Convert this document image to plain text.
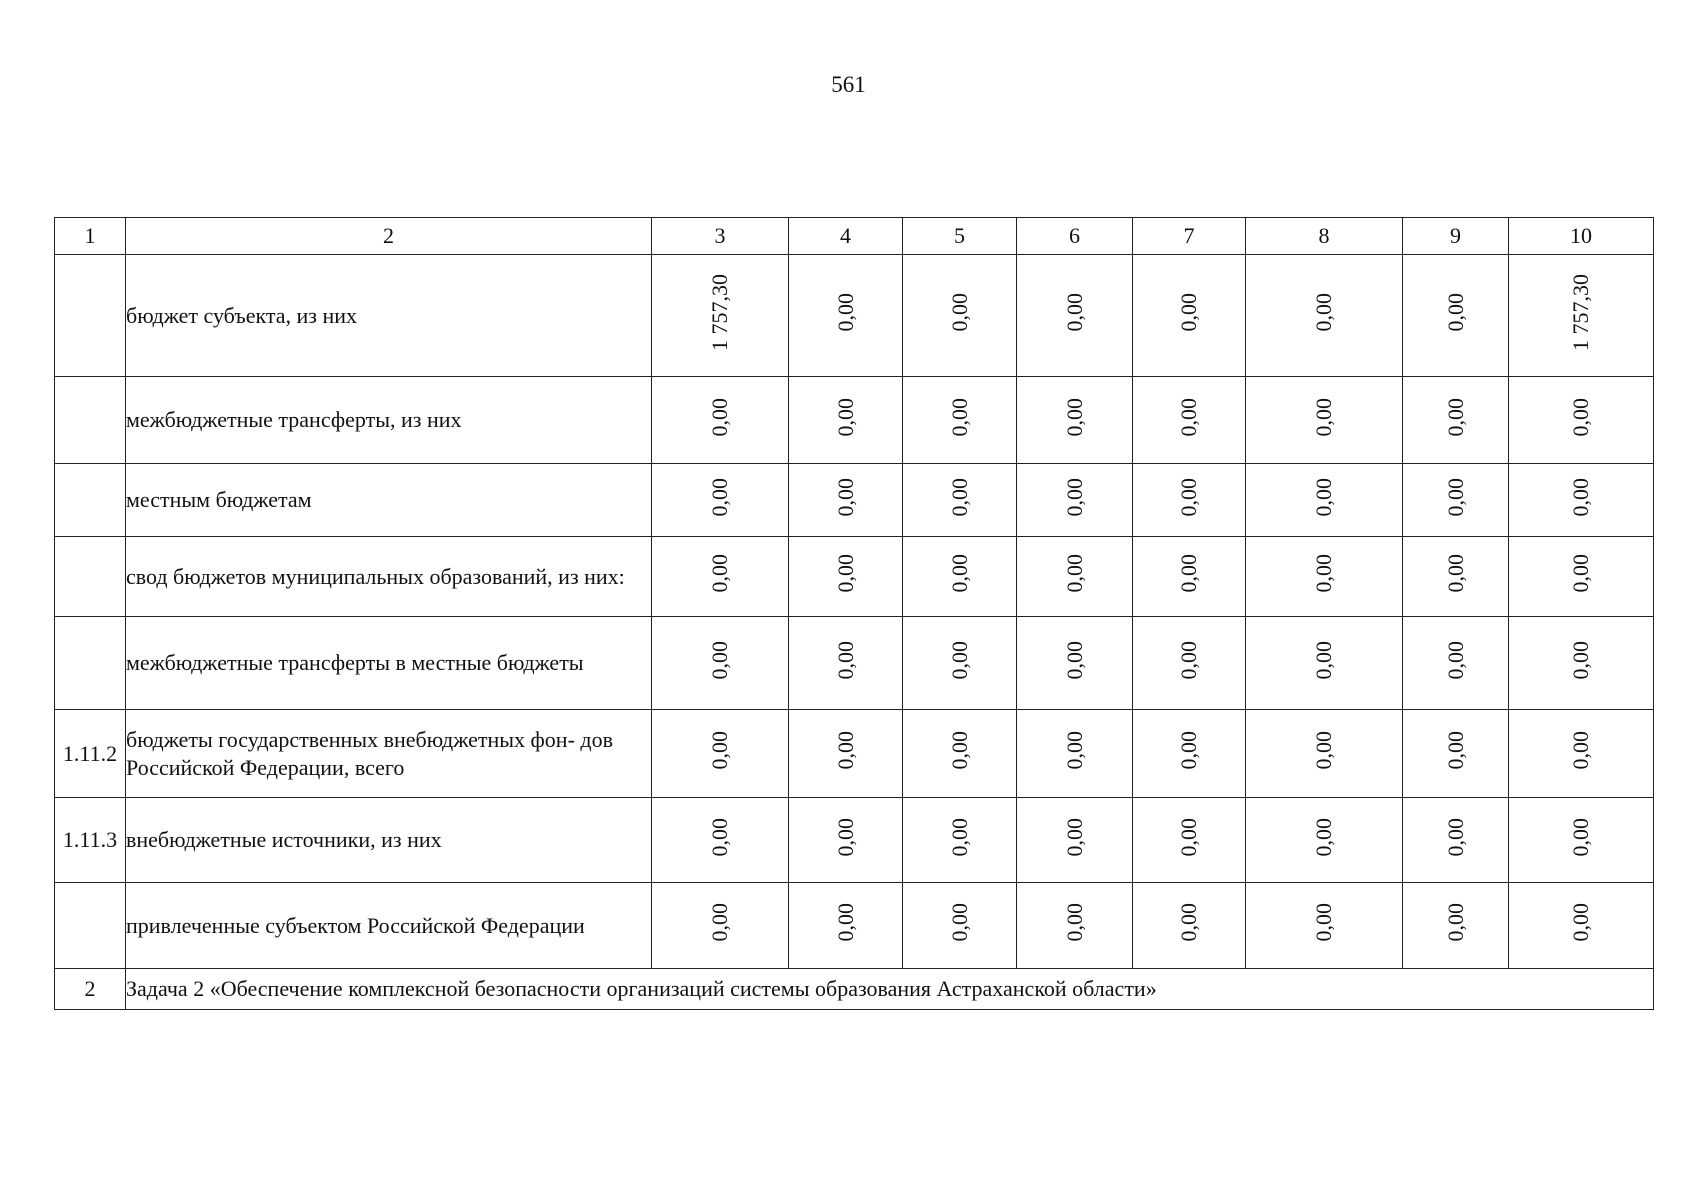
561
1	2	3	4	5	6	7	8	9	10
	бюджет субъекта, из них	1 757,30	0,00	0,00	0,00	0,00	0,00	0,00	1 757,30
	межбюджетные трансферты, из них	0,00	0,00	0,00	0,00	0,00	0,00	0,00	0,00
	местным бюджетам	0,00	0,00	0,00	0,00	0,00	0,00	0,00	0,00
	свод бюджетов муниципальных образований, из них:	0,00	0,00	0,00	0,00	0,00	0,00	0,00	0,00
	межбюджетные трансферты в местные бюджеты	0,00	0,00	0,00	0,00	0,00	0,00	0,00	0,00
1.11.2	бюджеты государственных внебюджетных фон- дов Российской Федерации, всего	0,00	0,00	0,00	0,00	0,00	0,00	0,00	0,00
1.11.3	внебюджетные источники, из них	0,00	0,00	0,00	0,00	0,00	0,00	0,00	0,00
	привлеченные субъектом Российской Федерации	0,00	0,00	0,00	0,00	0,00	0,00	0,00	0,00
2	Задача 2 «Обеспечение комплексной безопасности организаций системы образования Астраханской области»								
